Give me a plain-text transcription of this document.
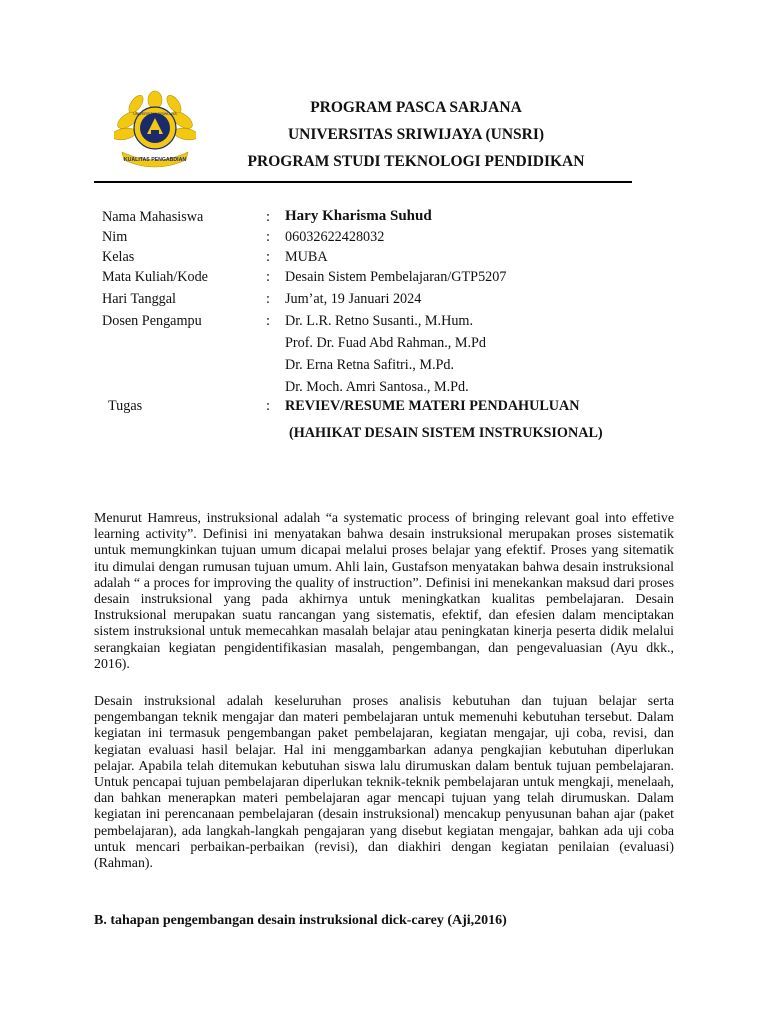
KUALITAS PENGABDIAN
UNIVERSITAS SRIWIJAYA	PROGRAM PASCA SARJANA
UNIVERSITAS SRIWIJAYA (UNSRI)
PROGRAM STUDI TEKNOLOGI PENDIDIKAN
Nama Mahasiswa	: Hary Kharisma Suhud
Nim	: 06032622428032
Kelas	: MUBA
Mata Kuliah/Kode	: Desain Sistem Pembelajaran/GTP5207
Hari Tanggal	: Jum’at, 19 Januari 2024
Dosen Pengampu	: Dr. L.R. Retno Susanti., M.Hum.
Prof. Dr. Fuad Abd Rahman., M.Pd
Dr. Erna Retna Safitri., M.Pd.
Dr. Moch. Amri Santosa., M.Pd.
Tugas	: REVIEV/RESUME MATERI PENDAHULUAN
(HAHIKAT DESAIN SISTEM INSTRUKSIONAL)

Menurut Hamreus, instruksional adalah “a systematic process of bringing relevant goal into effetive learning activity”. Definisi ini menyatakan bahwa desain instruksional merupakan proses sistematik untuk memungkinkan tujuan umum dicapai melalui proses belajar yang efektif. Proses yang sitematik itu dimulai dengan rumusan tujuan umum. Ahli lain, Gustafson menyatakan bahwa desain instruksional adalah “ a proces for improving the quality of instruction”. Definisi ini menekankan maksud dari proses desain instruksional yang pada akhirnya untuk meningkatkan kualitas pembelajaran. Desain Instruksional merupakan suatu rancangan yang sistematis, efektif, dan efesien dalam menciptakan sistem instruksional untuk memecahkan masalah belajar atau peningkatan kinerja peserta didik melalui serangkaian kegiatan pengidentifikasian masalah, pengembangan, dan pengevaluasian (Ayu dkk., 2016).

Desain instruksional adalah keseluruhan proses analisis kebutuhan dan tujuan belajar serta pengembangan teknik mengajar dan materi pembelajaran untuk memenuhi kebutuhan tersebut. Dalam kegiatan ini termasuk pengembangan paket pembelajaran, kegiatan mengajar, uji coba, revisi, dan kegiatan evaluasi hasil belajar. Hal ini menggambarkan adanya pengkajian kebutuhan diperlukan pelajar. Apabila telah ditemukan kebutuhan siswa lalu dirumuskan dalam bentuk tujuan pembelajaran. Untuk pencapai tujuan pembelajaran diperlukan teknik-teknik pembelajaran untuk mengkaji, menelaah, dan bahkan menerapkan materi pembelajaran agar mencapi tujuan yang telah dirumuskan. Dalam kegiatan ini perencanaan pembelajaran (desain instruksional) mencakup penyusunan bahan ajar (paket pembelajaran), ada langkah-langkah pengajaran yang disebut kegiatan mengajar, bahkan ada uji coba untuk mencari perbaikan-perbaikan (revisi), dan diakhiri dengan kegiatan penilaian (evaluasi) (Rahman).

B. tahapan pengembangan desain instruksional dick-carey (Aji,2016)
